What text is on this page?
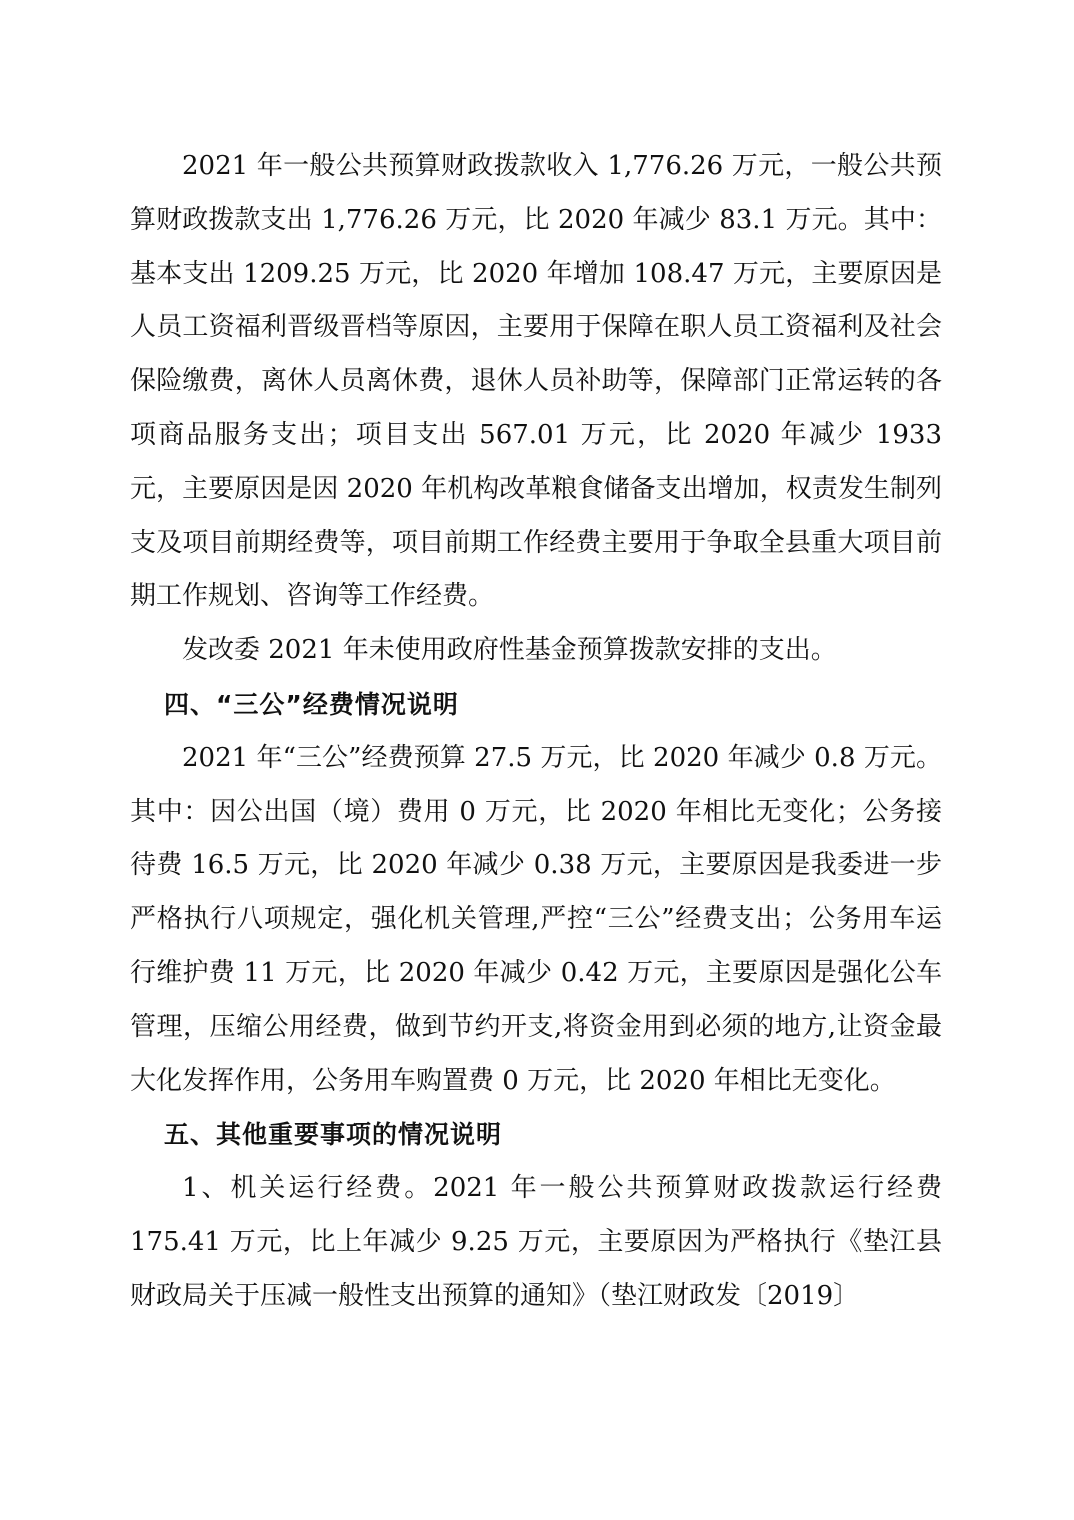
2021 年一般公共预算财政拨款收入 1,776.26 万元，一般公共预算财政拨款支出 1,776.26 万元，比 2020 年减少 83.1 万元。其中：基本支出 1209.25 万元，比 2020 年增加 108.47 万元，主要原因是人员工资福利晋级晋档等原因，主要用于保障在职人员工资福利及社会保险缴费，离休人员离休费，退休人员补助等，保障部门正常运转的各项商品服务支出；项目支出 567.01 万元，比 2020 年减少 1933 元，主要原因是因 2020 年机构改革粮食储备支出增加，权责发生制列支及项目前期经费等，项目前期工作经费主要用于争取全县重大项目前期工作规划、咨询等工作经费。

发改委 2021 年未使用政府性基金预算拨款安排的支出。

四、“三公”经费情况说明

2021 年“三公”经费预算 27.5 万元，比 2020 年减少 0.8 万元。其中：因公出国（境）费用 0 万元，比 2020 年相比无变化；公务接待费 16.5 万元，比 2020 年减少 0.38 万元，主要原因是我委进一步严格执行八项规定，强化机关管理,严控“三公”经费支出；公务用车运行维护费 11 万元，比 2020 年减少 0.42 万元，主要原因是强化公车管理，压缩公用经费，做到节约开支,将资金用到必须的地方,让资金最大化发挥作用，公务用车购置费 0 万元，比 2020 年相比无变化。

五、其他重要事项的情况说明

1、机关运行经费。2021 年一般公共预算财政拨款运行经费 175.41 万元，比上年减少 9.25 万元，主要原因为严格执行《垫江县财政局关于压减一般性支出预算的通知》（垫江财政发〔2019〕
